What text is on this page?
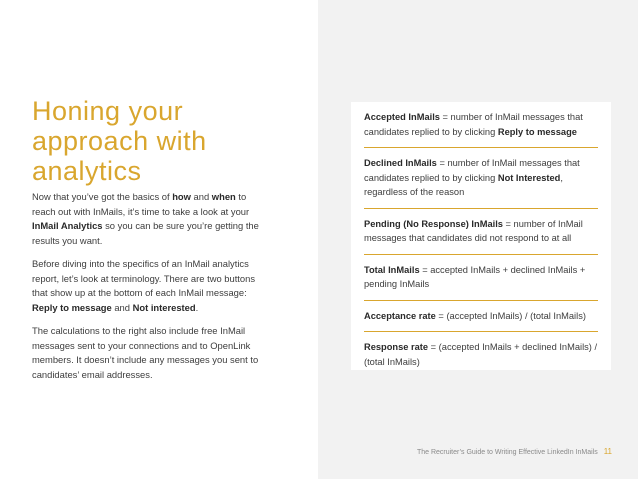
Honing your
approach with
analytics

Now that you’ve got the basics of how and when to reach out with InMails, it’s time to take a look at your InMail Analytics so you can be sure you’re getting the results you want.

Before diving into the specifics of an InMail analytics report, let’s look at terminology. There are two buttons that show up at the bottom of each InMail message: Reply to message and Not interested.

The calculations to the right also include free InMail messages sent to your connections and to OpenLink members. It doesn’t include any messages you sent to candidates’ email addresses.

Accepted InMails = number of InMail messages that candidates replied to by clicking Reply to message
Declined InMails = number of InMail messages that candidates replied to by clicking Not Interested, regardless of the reason
Pending (No Response) InMails = number of InMail messages that candidates did not respond to at all
Total InMails = accepted InMails + declined InMails + pending InMails
Acceptance rate = (accepted InMails) / (total InMails)
Response rate = (accepted InMails + declined InMails) / (total InMails)
The Recruiter’s Guide to Writing Effective LinkedIn InMails 11
